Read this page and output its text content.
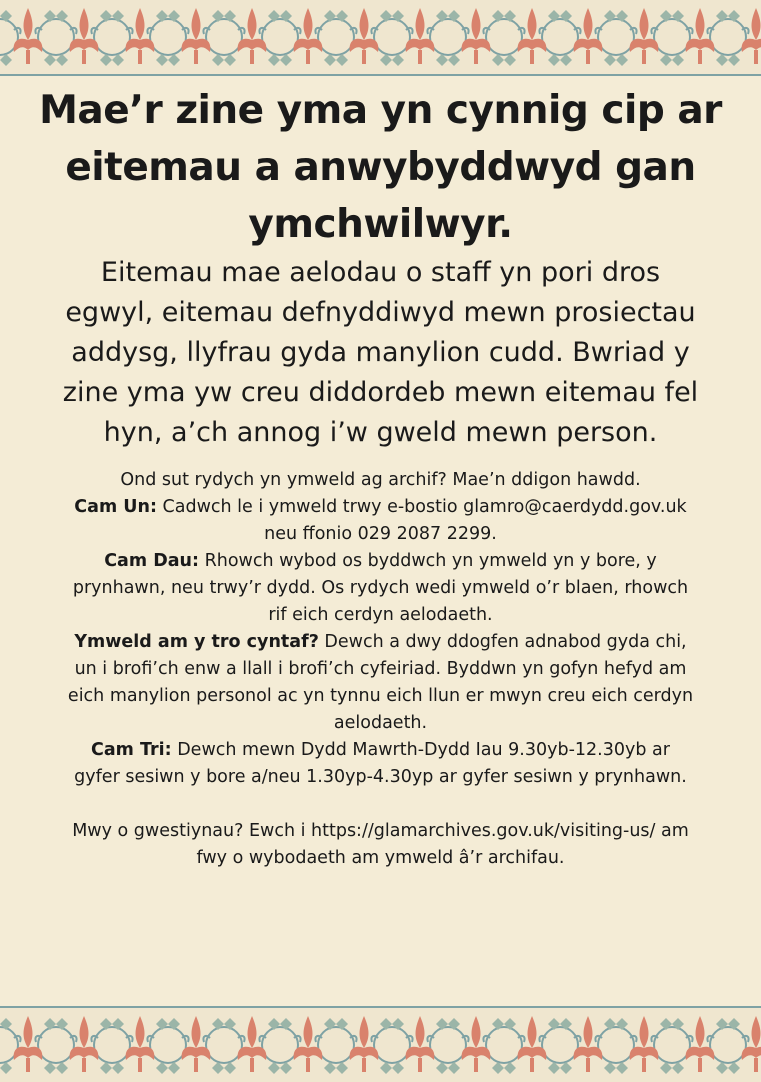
Mae’r zine yma yn cynnig cip ar eitemau a anwybyddwyd gan ymchwilwyr.

Eitemau mae aelodau o staff yn pori dros egwyl, eitemau defnyddiwyd mewn prosiectau addysg, llyfrau gyda manylion cudd. Bwriad y zine yma yw creu diddordeb mewn eitemau fel hyn, a’ch annog i’w gweld mewn person.

Ond sut rydych yn ymweld ag archif? Mae’n ddigon hawdd.

Cam Un: Cadwch le i ymweld trwy e-bostio glamro@caerdydd.gov.uk neu ffonio 029 2087 2299.

Cam Dau: Rhowch wybod os byddwch yn ymweld yn y bore, y prynhawn, neu trwy’r dydd. Os rydych wedi ymweld o’r blaen, rhowch rif eich cerdyn aelodaeth.

Ymweld am y tro cyntaf? Dewch a dwy ddogfen adnabod gyda chi, un i brofi’ch enw a llall i brofi’ch cyfeiriad. Byddwn yn gofyn hefyd am eich manylion personol ac yn tynnu eich llun er mwyn creu eich cerdyn aelodaeth.

Cam Tri: Dewch mewn Dydd Mawrth-Dydd Iau 9.30yb-12.30yb ar gyfer sesiwn y bore a/neu 1.30yp-4.30yp ar gyfer sesiwn y prynhawn.

Mwy o gwestiynau? Ewch i https://glamarchives.gov.uk/visiting-us/ am fwy o wybodaeth am ymweld â’r archifau.
